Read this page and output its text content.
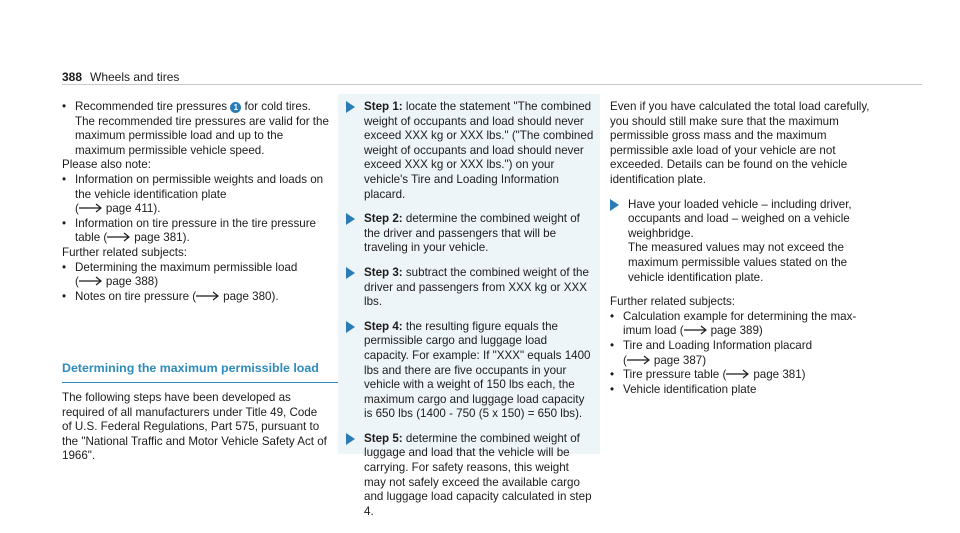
388 Wheels and tires
• Recommended tire pressures 1 for cold tires. The recommended tire pressures are valid for the maximum permissible load and up to the maximum permissible vehicle speed.

Please also note:

• Information on permissible weights and loads on the vehicle identification plate
( page 411).
• Information on tire pressure in the tire pressure table ( page 381).

Further related subjects:

• Determining the maximum permissible load
( page 388)
• Notes on tire pressure ( page 380).
Determining the maximum permissible load

The following steps have been developed as required of all manufacturers under Title 49, Code of U.S. Federal Regulations, Part 575, pursuant to the "National Traffic and Motor Vehicle Safety Act of 1966".

Step 1: locate the statement "The combined weight of occupants and load should never exceed XXX kg or XXX lbs." ("The combined weight of occupants and load should never exceed XXX kg or XXX lbs.") on your vehicle's Tire and Loading Information placard.
Step 2: determine the combined weight of the driver and passengers that will be traveling in your vehicle.
Step 3: subtract the combined weight of the driver and passengers from XXX kg or XXX lbs.
Step 4: the resulting figure equals the permissible cargo and luggage load capacity. For example: If "XXX" equals 1400 lbs and there are five occupants in your vehicle with a weight of 150 lbs each, the maximum cargo and luggage load capacity is 650 lbs (1400 - 750 (5 x 150) = 650 lbs).
Step 5: determine the combined weight of luggage and load that the vehicle will be carrying. For safety reasons, this weight may not safely exceed the available cargo and luggage load capacity calculated in step 4.

Even if you have calculated the total load carefully, you should still make sure that the maximum permissible gross mass and the maximum permissible axle load of your vehicle are not exceeded. Details can be found on the vehicle identification plate.

Have your loaded vehicle – including driver, occupants and load – weighed on a vehicle weighbridge.
The measured values may not exceed the maximum permissible values stated on the vehicle identification plate.

Further related subjects:

• Calculation example for determining the maximum load ( page 389)
• Tire and Loading Information placard
( page 387)
• Tire pressure table ( page 381)
• Vehicle identification plate
